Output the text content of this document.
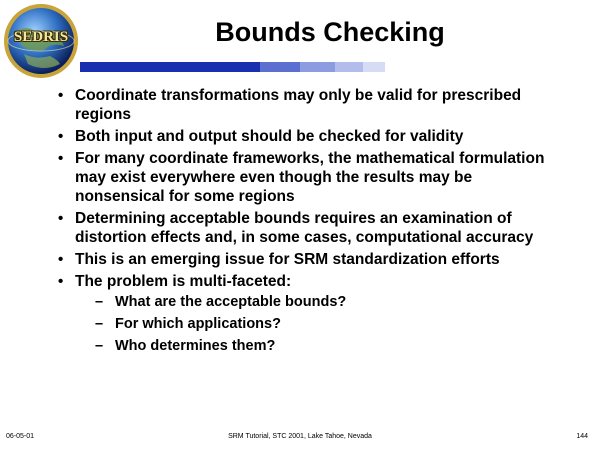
SEDRIS	Bounds Checking
• Coordinate transformations may only be valid for prescribed regions
• Both input and output should be checked for validity
• For many coordinate frameworks, the mathematical formulation may exist everywhere even though the results may be nonsensical for some regions
• Determining acceptable bounds requires an examination of distortion effects and, in some cases, computational accuracy
• This is an emerging issue for SRM standardization efforts
• The problem is multi-faceted:
– What are the acceptable bounds?
– For which applications?
– Who determines them?
06-05-01	SRM Tutorial, STC 2001, Lake Tahoe, Nevada	144
